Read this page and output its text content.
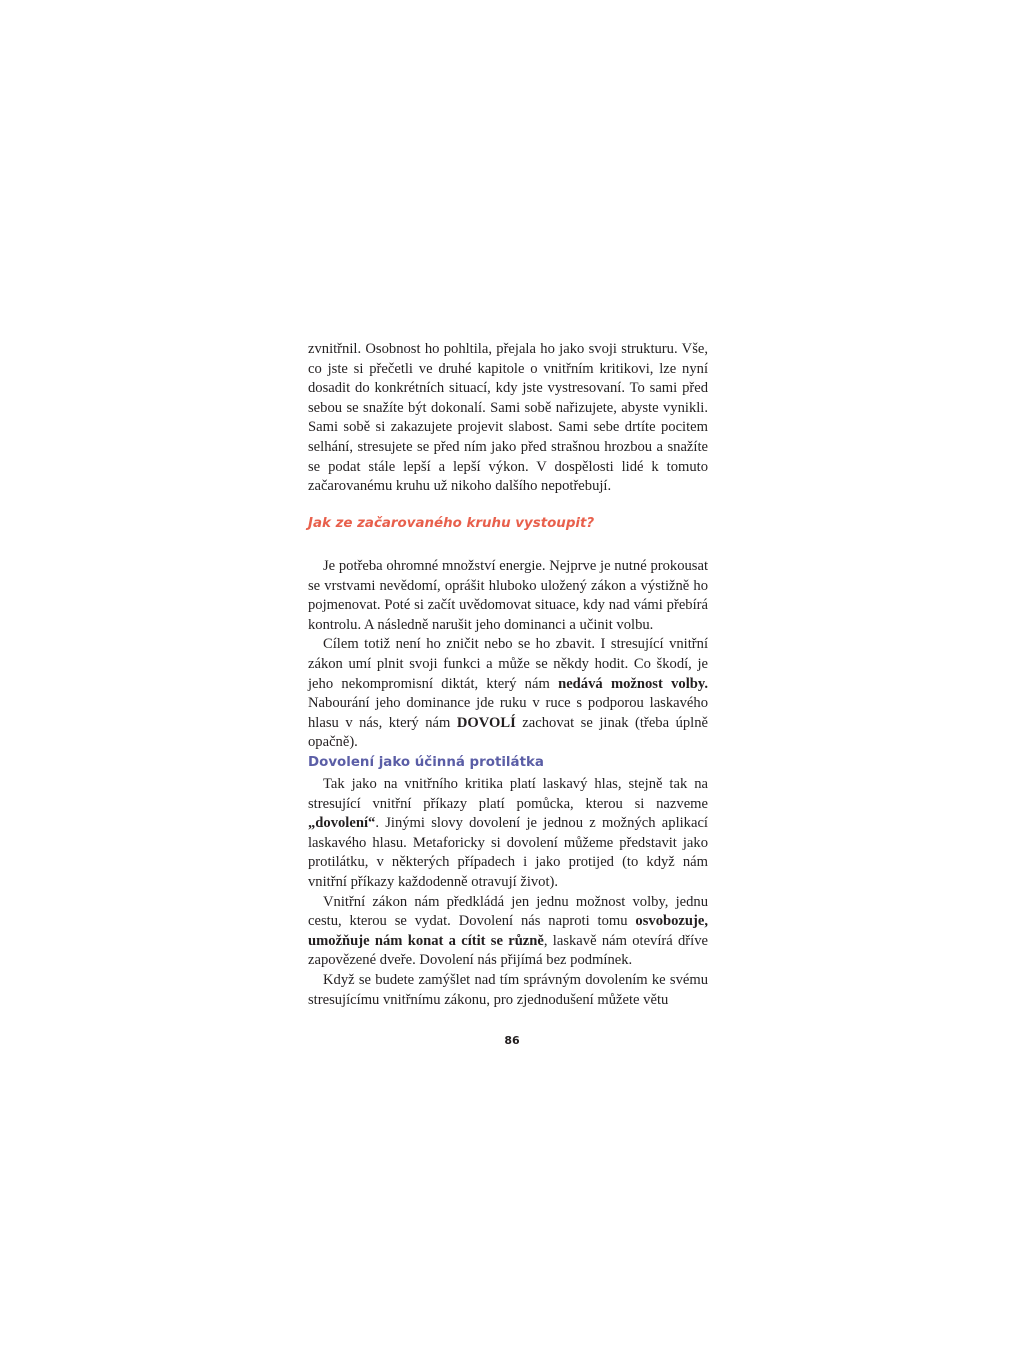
zvnitřnil. Osobnost ho pohltila, přejala ho jako svoji strukturu. Vše, co jste si přečetli ve druhé kapitole o vnitřním kritikovi, lze nyní dosadit do konkrétních situací, kdy jste vystresovaní. To sami před sebou se snažíte být dokonalí. Sami sobě nařizujete, abyste vynikli. Sami sobě si zakazujete projevit slabost. Sami sebe drtíte pocitem selhání, stresujete se před ním jako před strašnou hrozbou a snažíte se podat stále lepší a lepší výkon. V dospělosti lidé k tomuto začarovanému kruhu už nikoho dalšího nepotřebují.

Jak ze začarovaného kruhu vystoupit?

Je potřeba ohromné množství energie. Nejprve je nutné prokousat se vrstvami nevědomí, oprášit hluboko uložený zákon a výstižně ho pojmenovat. Poté si začít uvědomovat situace, kdy nad vámi přebírá kontrolu. A následně narušit jeho dominanci a učinit volbu.

Cílem totiž není ho zničit nebo se ho zbavit. I stresující vnitřní zákon umí plnit svoji funkci a může se někdy hodit. Co škodí, je jeho nekompromisní diktát, který nám nedává možnost volby. Nabourání jeho dominance jde ruku v ruce s podporou laskavého hlasu v nás, který nám DOVOLÍ zachovat se jinak (třeba úplně opačně).

Dovolení jako účinná protilátka

Tak jako na vnitřního kritika platí laskavý hlas, stejně tak na stresující vnitřní příkazy platí pomůcka, kterou si nazveme „dovolení“. Jinými slovy dovolení je jednou z možných aplikací laskavého hlasu. Metaforicky si dovolení můžeme představit jako protilátku, v některých případech i jako protijed (to když nám vnitřní příkazy každodenně otravují život).

Vnitřní zákon nám předkládá jen jednu možnost volby, jednu cestu, kterou se vydat. Dovolení nás naproti tomu osvobozuje, umožňuje nám konat a cítit se různě, laskavě nám otevírá dříve zapovězené dveře. Dovolení nás přijímá bez podmínek.

Když se budete zamýšlet nad tím správným dovolením ke svému stresujícímu vnitřnímu zákonu, pro zjednodušení můžete větu

86
